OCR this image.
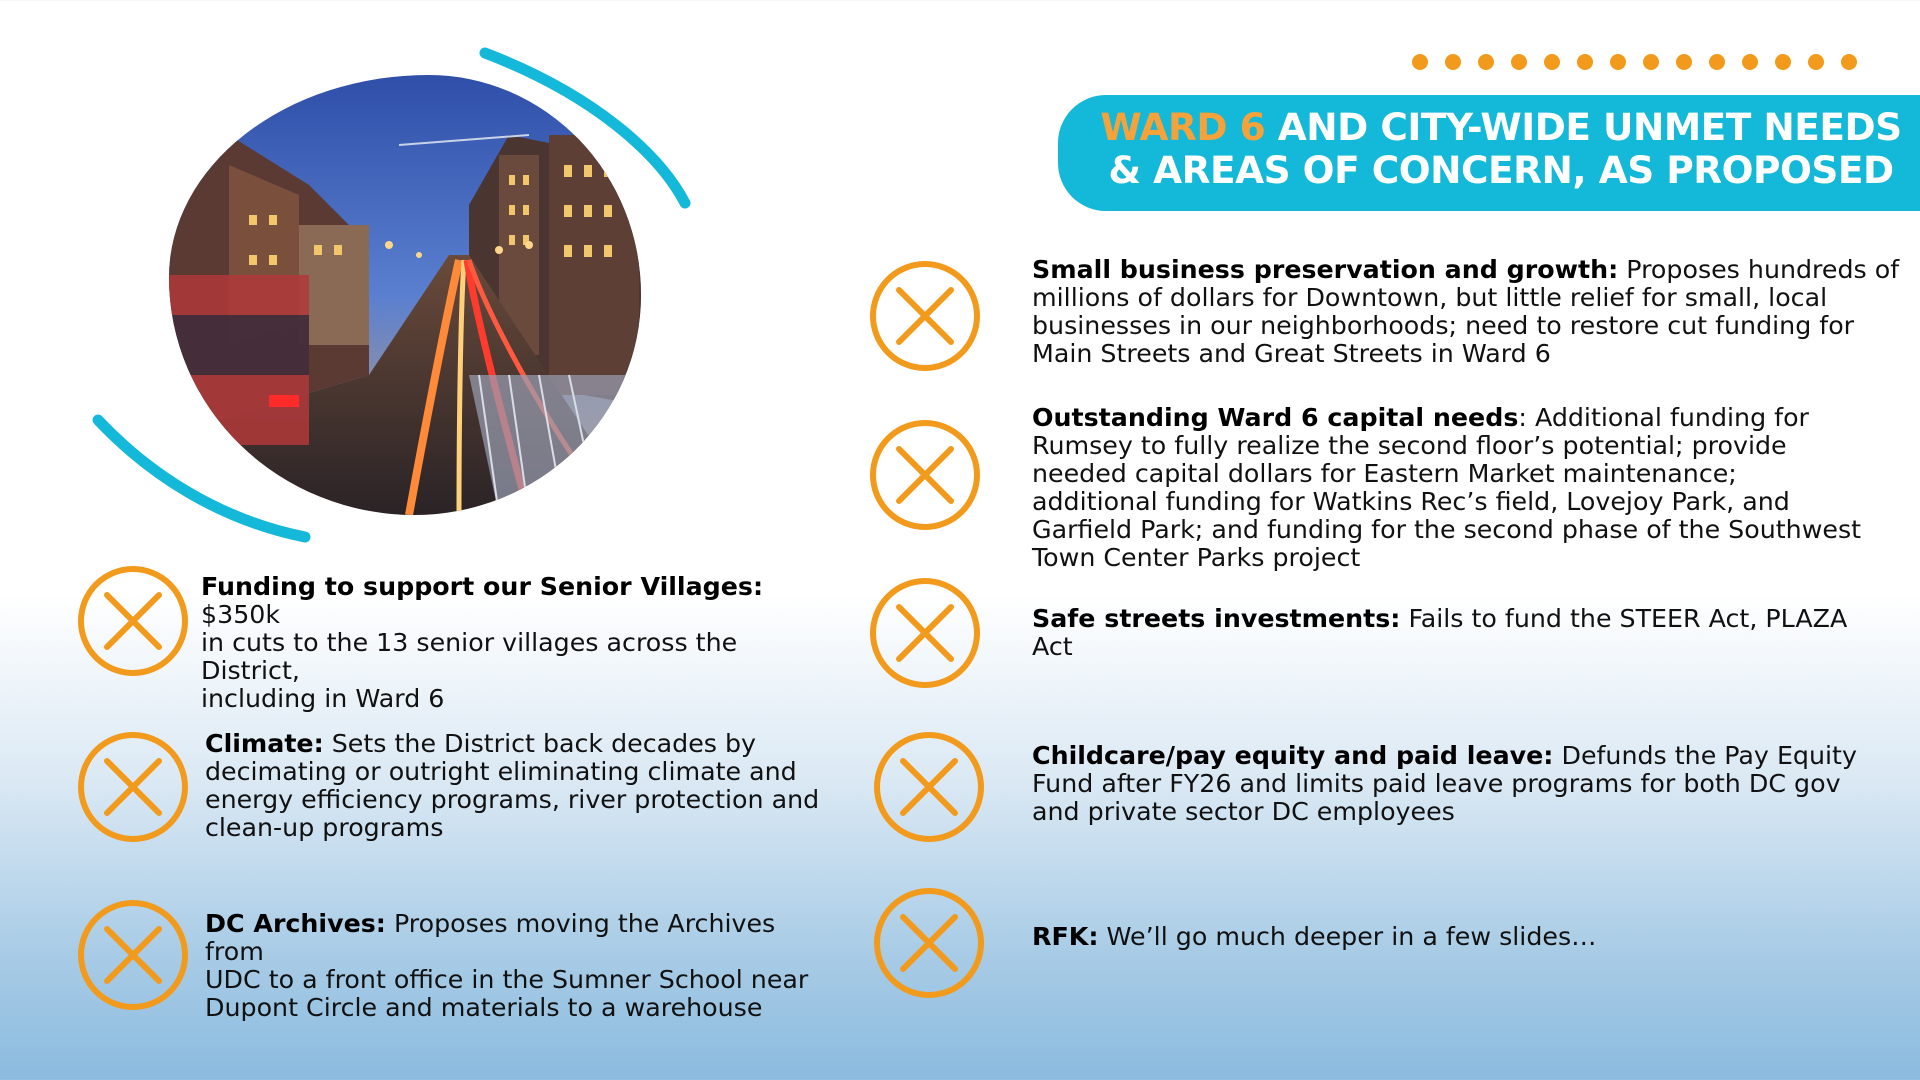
WARD 6 AND CITY-WIDE UNMET NEEDS
& AREAS OF CONCERN, AS PROPOSED
Funding to support our Senior Villages: $350k
in cuts to the 13 senior villages across the District,
including in Ward 6
Climate: Sets the District back decades by
decimating or outright eliminating climate and
energy efficiency programs, river protection and
clean-up programs
DC Archives: Proposes moving the Archives from
UDC to a front office in the Sumner School near
Dupont Circle and materials to a warehouse
Small business preservation and growth: Proposes hundreds of
millions of dollars for Downtown, but little relief for small, local
businesses in our neighborhoods; need to restore cut funding for
Main Streets and Great Streets in Ward 6
Outstanding Ward 6 capital needs: Additional funding for
Rumsey to fully realize the second floor’s potential; provide
needed capital dollars for Eastern Market maintenance;
additional funding for Watkins Rec’s field, Lovejoy Park, and
Garfield Park; and funding for the second phase of the Southwest
Town Center Parks project
Safe streets investments: Fails to fund the STEER Act, PLAZA
Act
Childcare/pay equity and paid leave: Defunds the Pay Equity
Fund after FY26 and limits paid leave programs for both DC gov
and private sector DC employees
RFK: We’ll go much deeper in a few slides…
